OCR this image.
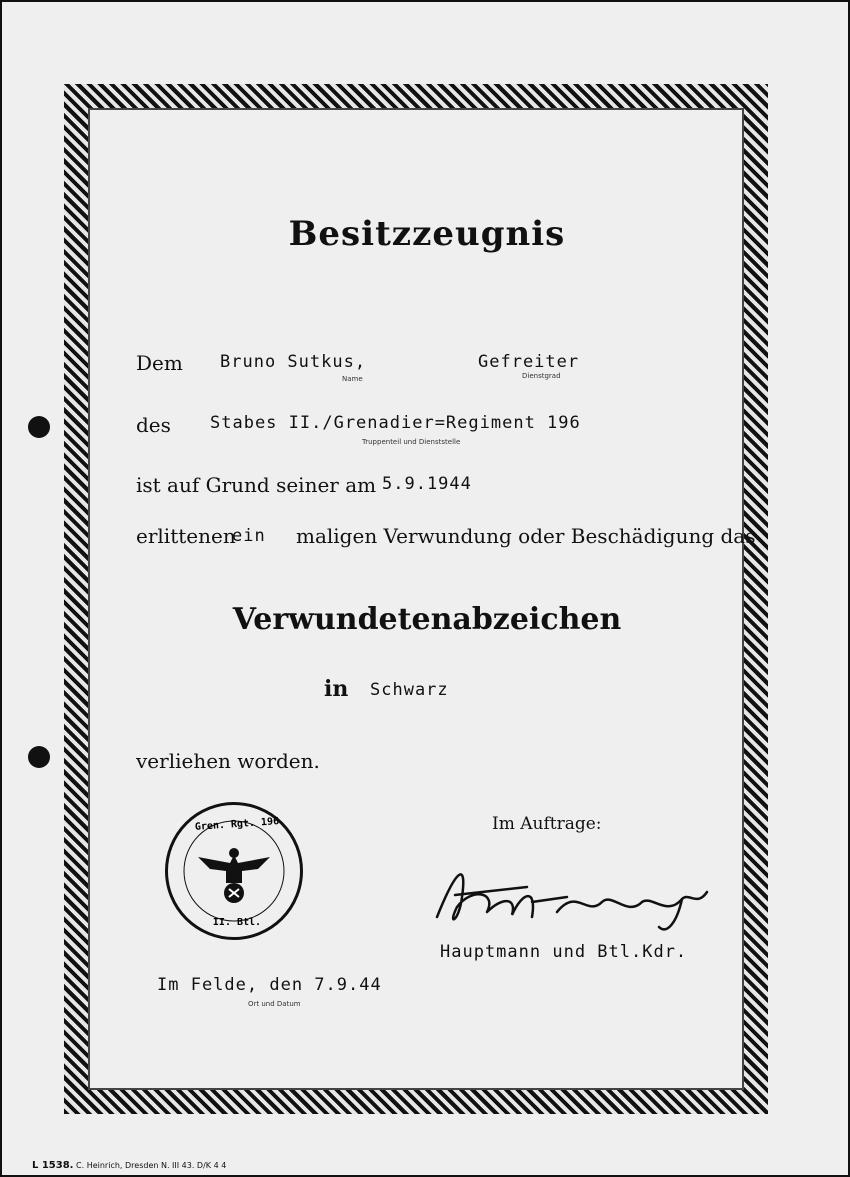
Besitzzeugnis
Dem Bruno Sutkus,	Gefreiter
Name	Dienstgrad
des Stabes II./Grenadier=Regiment 196
Truppenteil und Dienststelle
ist auf Grund seiner am 5.9.1944
erlittenen
ein maligen Verwundung oder Beschädigung das
Verwundetenabzeichen
in Schwarz
verliehen worden.
Im Auftrage:
Hauptmann und Btl.Kdr.
Gren. Rgt. 196
II. Btl.
Im Felde, den 7.9.44
Ort und Datum
L 1538. C. Heinrich, Dresden N. III 43. D/K 4 4
